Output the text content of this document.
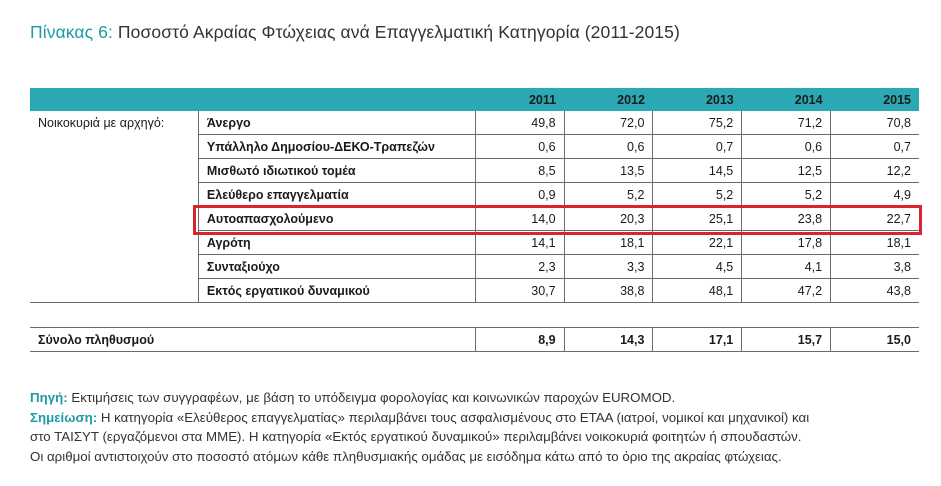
Πίνακας 6: Ποσοστό Ακραίας Φτώχειας ανά Επαγγελματική Κατηγορία (2011-2015)
		2011	2012	2013	2014	2015
Νοικοκυριά με αρχηγό:	Άνεργο	49,8	72,0	75,2	71,2	70,8
	Υπάλληλο Δημοσίου-ΔΕΚΟ-Τραπεζών	0,6	0,6	0,7	0,6	0,7
	Μισθωτό ιδιωτικού τομέα	8,5	13,5	14,5	12,5	12,2
	Ελεύθερο επαγγελματία	0,9	5,2	5,2	5,2	4,9
	Αυτοαπασχολούμενο	14,0	20,3	25,1	23,8	22,7
	Αγρότη	14,1	18,1	22,1	17,8	18,1
	Συνταξιούχο	2,3	3,3	4,5	4,1	3,8
	Εκτός εργατικού δυναμικού	30,7	38,8	48,1	47,2	43,8

Σύνολο πληθυσμού		8,9	14,3	17,1	15,7	15,0
Πηγή: Εκτιμήσεις των συγγραφέων, με βάση το υπόδειγμα φορολογίας και κοινωνικών παροχών EUROMOD.
Σημείωση: Η κατηγορία «Ελεύθερος επαγγελματίας» περιλαμβάνει τους ασφαλισμένους στο ΕΤΑΑ (ιατροί, νομικοί και μηχανικοί) και
στο ΤΑΙΣΥΤ (εργαζόμενοι στα ΜΜΕ). Η κατηγορία «Εκτός εργατικού δυναμικού» περιλαμβάνει νοικοκυριά φοιτητών ή σπουδαστών.
Οι αριθμοί αντιστοιχούν στο ποσοστό ατόμων κάθε πληθυσμιακής ομάδας με εισόδημα κάτω από το όριο της ακραίας φτώχειας.
